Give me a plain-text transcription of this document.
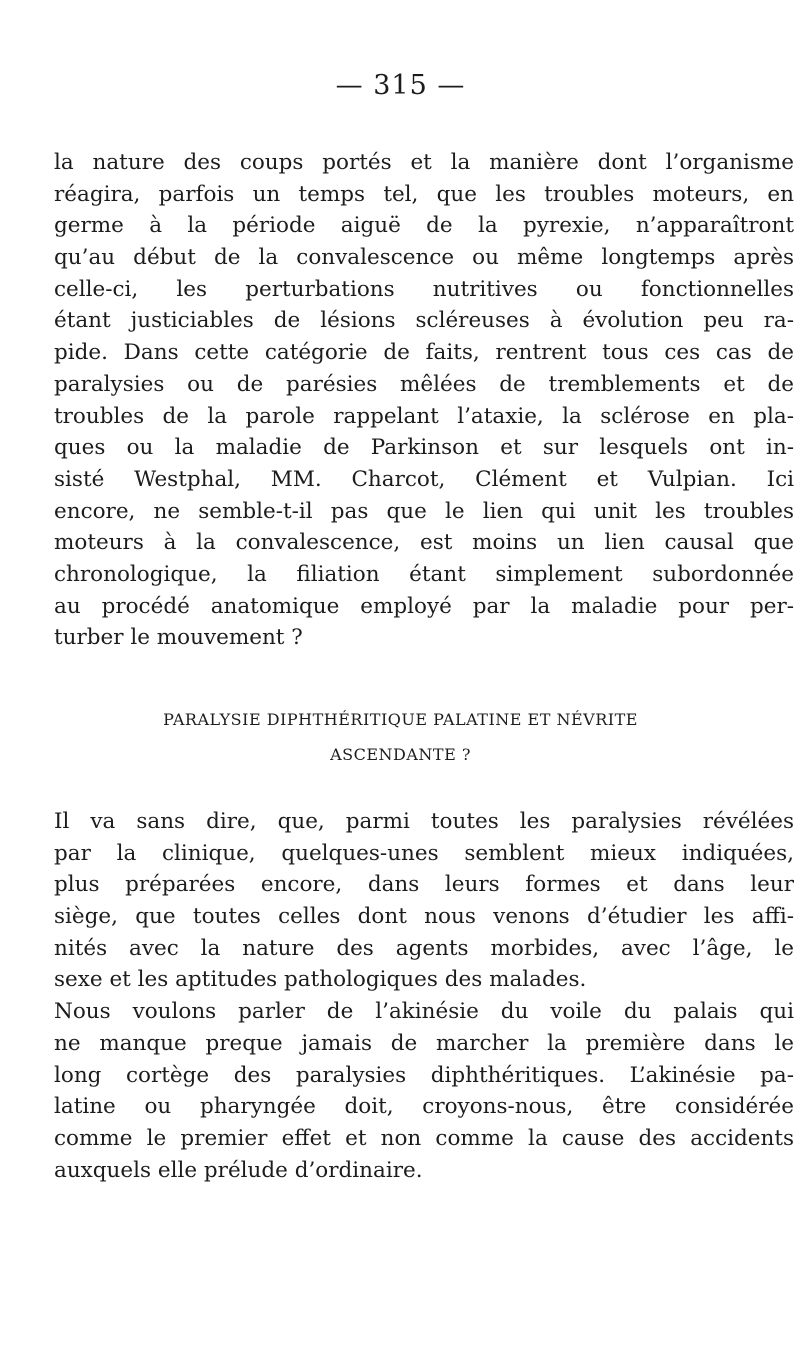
— 315 —
la nature des coups portés et la manière dont l’organisme
réagira, parfois un temps tel, que les troubles moteurs, en
germe à la période aiguë de la pyrexie, n’apparaîtront
qu’au début de la convalescence ou même longtemps après
celle-ci, les perturbations nutritives ou fonctionnelles
étant justiciables de lésions scléreuses à évolution peu ra-
pide. Dans cette catégorie de faits, rentrent tous ces cas de
paralysies ou de parésies mêlées de tremblements et de
troubles de la parole rappelant l’ataxie, la sclérose en pla-
ques ou la maladie de Parkinson et sur lesquels ont in-
sisté Westphal, MM. Charcot, Clément et Vulpian. Ici
encore, ne semble-t-il pas que le lien qui unit les troubles
moteurs à la convalescence, est moins un lien causal que
chronologique, la filiation étant simplement subordonnée
au procédé anatomique employé par la maladie pour per-
turber le mouvement ?
PARALYSIE DIPHTHÉRITIQUE PALATINE ET NÉVRITE
ASCENDANTE ?
Il va sans dire, que, parmi toutes les paralysies révélées
par la clinique, quelques-unes semblent mieux indiquées,
plus préparées encore, dans leurs formes et dans leur
siège, que toutes celles dont nous venons d’étudier les affi-
nités avec la nature des agents morbides, avec l’âge, le
sexe et les aptitudes pathologiques des malades.
Nous voulons parler de l’akinésie du voile du palais qui
ne manque preque jamais de marcher la première dans le
long cortège des paralysies diphthéritiques. L’akinésie pa-
latine ou pharyngée doit, croyons-nous, être considérée
comme le premier effet et non comme la cause des accidents
auxquels elle prélude d’ordinaire.
